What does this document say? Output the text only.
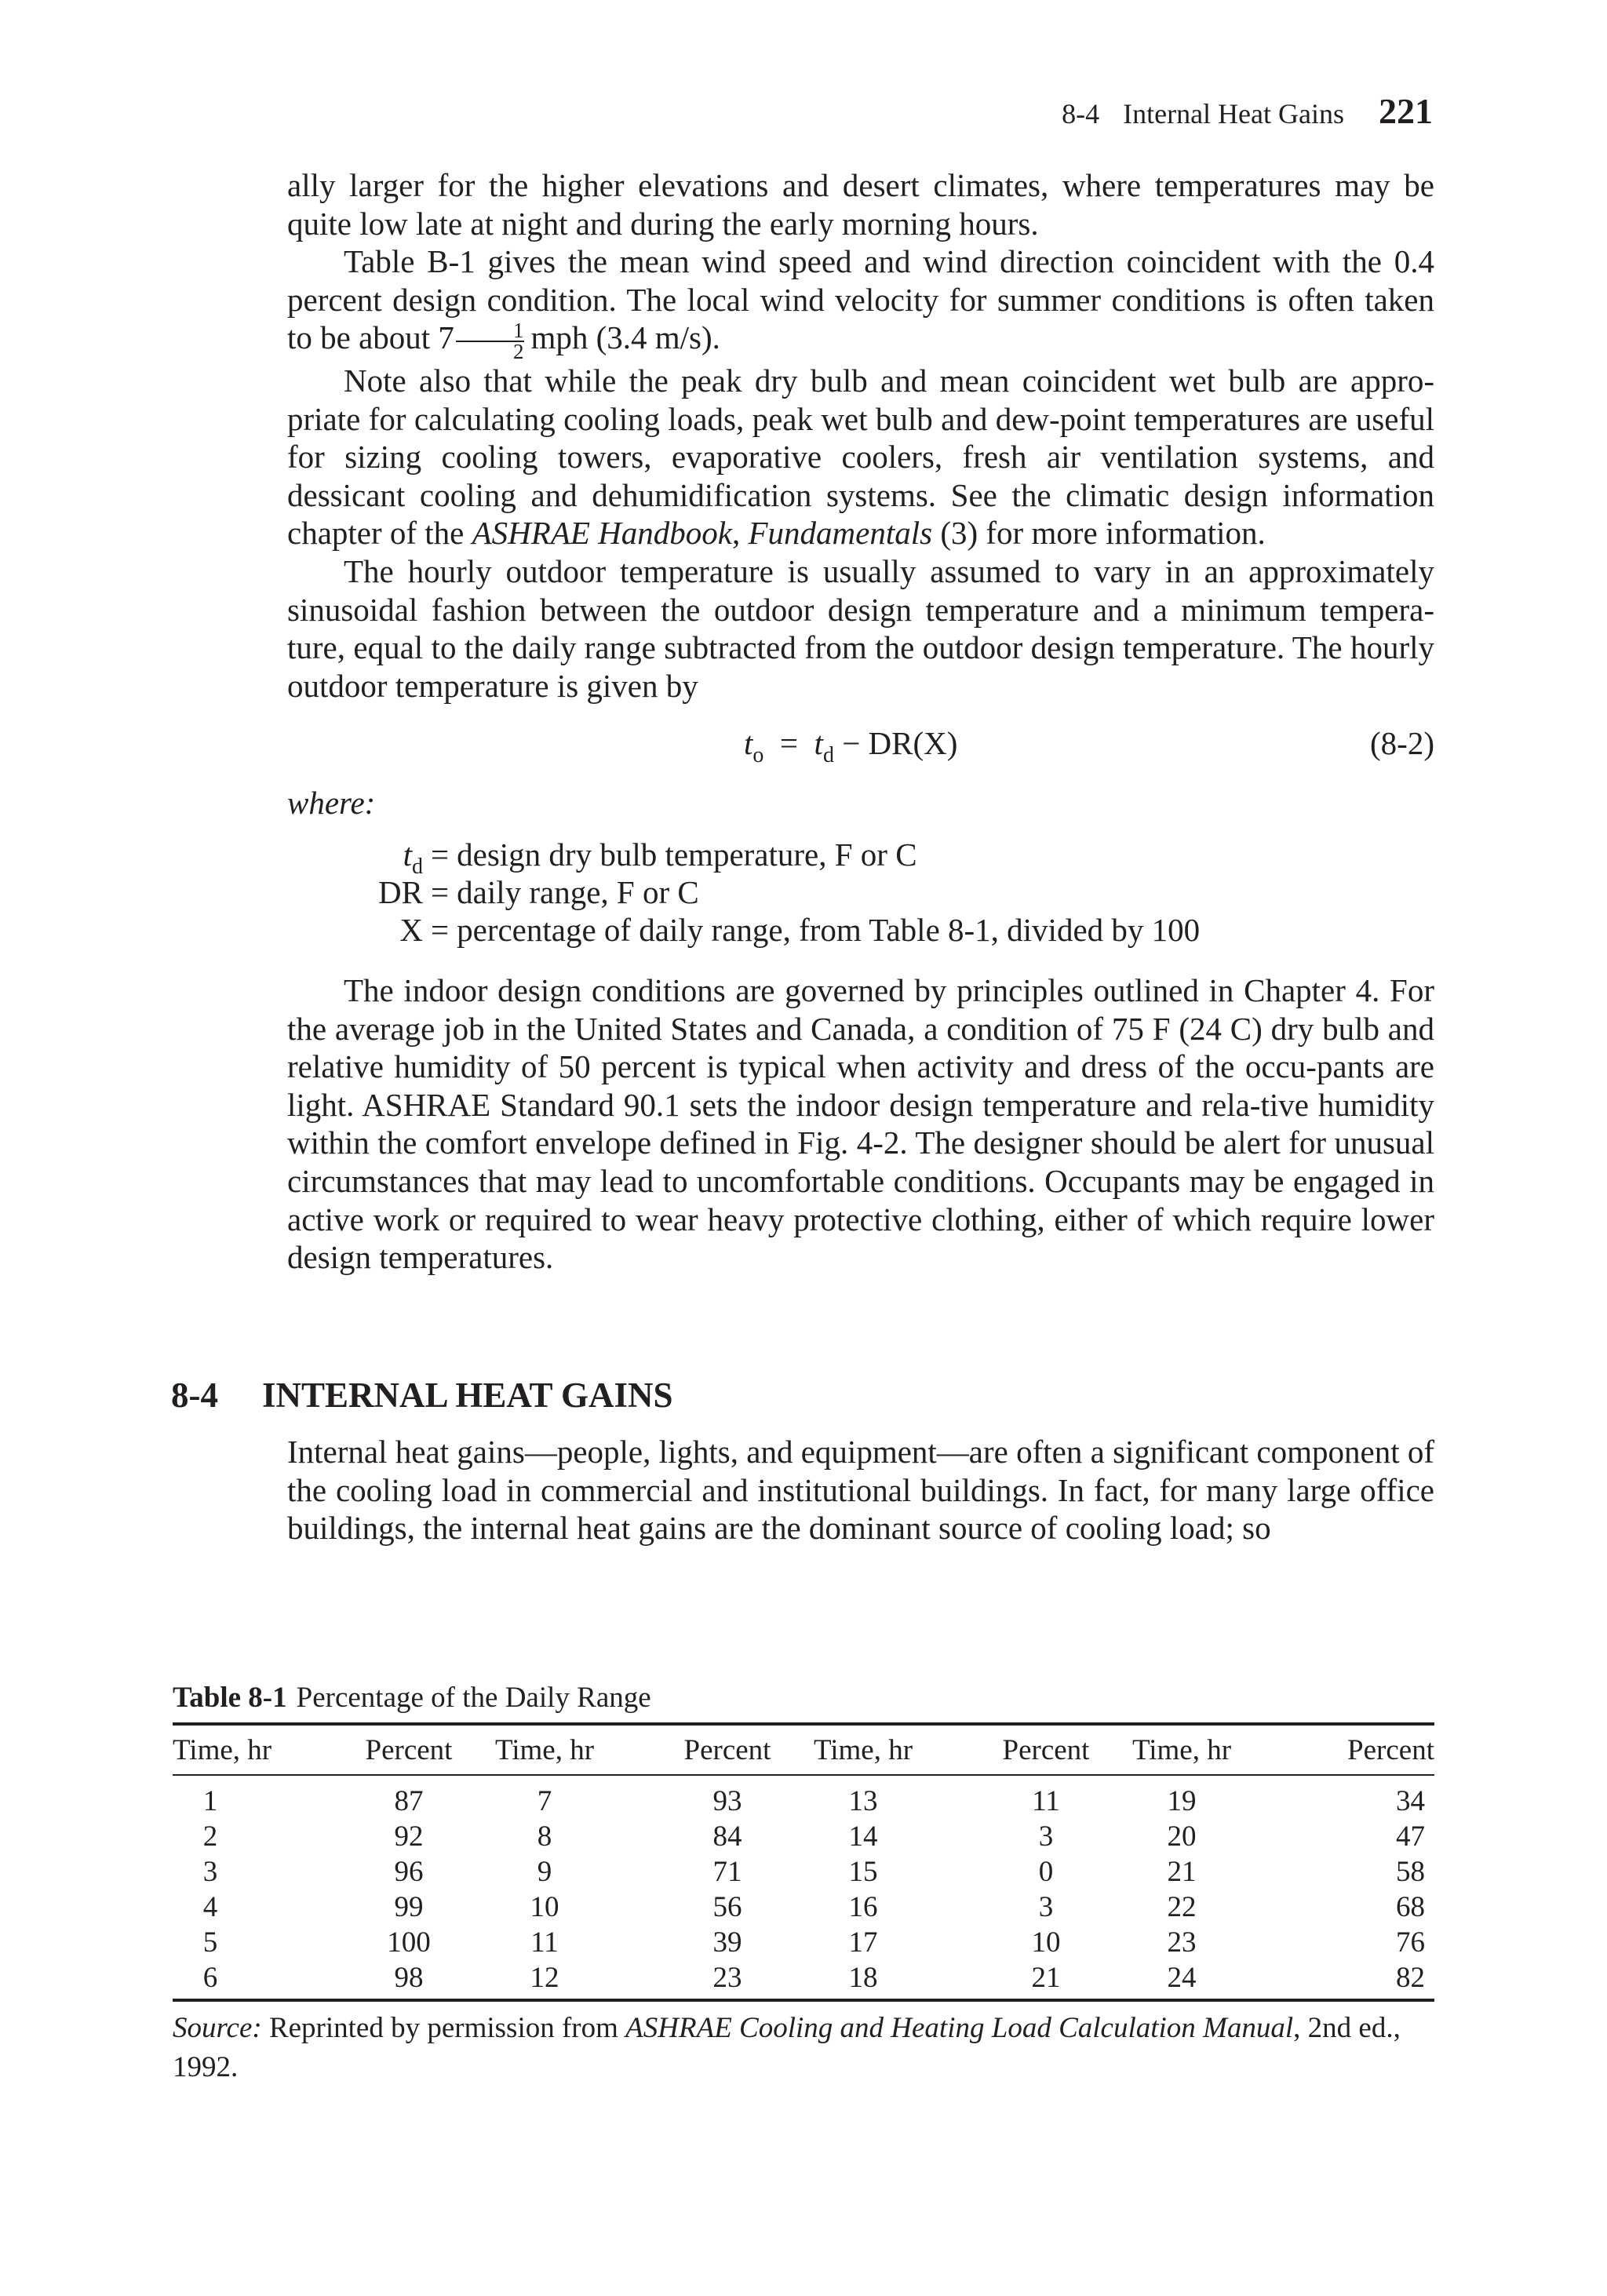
8-4 Internal Heat Gains 221

ally larger for the higher elevations and desert climates, where temperatures may be quite low late at night and during the early morning hours.

Table B-1 gives the mean wind speed and wind direction coincident with the 0.4 percent design condition. The local wind velocity for summer conditions is often taken to be about $7 \frac{1}{2}$ mph (3.4 m/s).

Note also that while the peak dry bulb and mean coincident wet bulb are appro-priate for calculating cooling loads, peak wet bulb and dew-point temperatures are useful for sizing cooling towers, evaporative coolers, fresh air ventilation systems, and dessicant cooling and dehumidification systems. See the climatic design information chapter of the ASHRAE Handbook, Fundamentals (3) for more information.

The hourly outdoor temperature is usually assumed to vary in an approximately sinusoidal fashion between the outdoor design temperature and a minimum tempera-ture, equal to the daily range subtracted from the outdoor design temperature. The hourly outdoor temperature is given by

$t_o = t_d - DR(X)$	(8-2)
where:
$t_d$ = design dry bulb temperature, F or C
DR = daily range, F or C
X = percentage of daily range, from Table 8-1, divided by 100

The indoor design conditions are governed by principles outlined in Chapter 4. For the average job in the United States and Canada, a condition of 75 F (24 C) dry bulb and relative humidity of 50 percent is typical when activity and dress of the occu-pants are light. ASHRAE Standard 90.1 sets the indoor design temperature and rela-tive humidity within the comfort envelope defined in Fig. 4-2. The designer should be alert for unusual circumstances that may lead to uncomfortable conditions. Occupants may be engaged in active work or required to wear heavy protective clothing, either of which require lower design temperatures.

8-4 INTERNAL HEAT GAINS

Internal heat gains—people, lights, and equipment—are often a significant component of the cooling load in commercial and institutional buildings. In fact, for many large office buildings, the internal heat gains are the dominant source of cooling load; so

Table 8-1 Percentage of the Daily Range
Time, hr	Percent	Time, hr	Percent	Time, hr	Percent	Time, hr	Percent
1	87	7	93	13	11	19	34
2	92	8	84	14	3	20	47
3	96	9	71	15	0	21	58
4	99	10	56	16	3	22	68
5	100	11	39	17	10	23	76
6	98	12	23	18	21	24	82
Source: Reprinted by permission from ASHRAE Cooling and Heating Load Calculation Manual, 2nd ed., 1992.
